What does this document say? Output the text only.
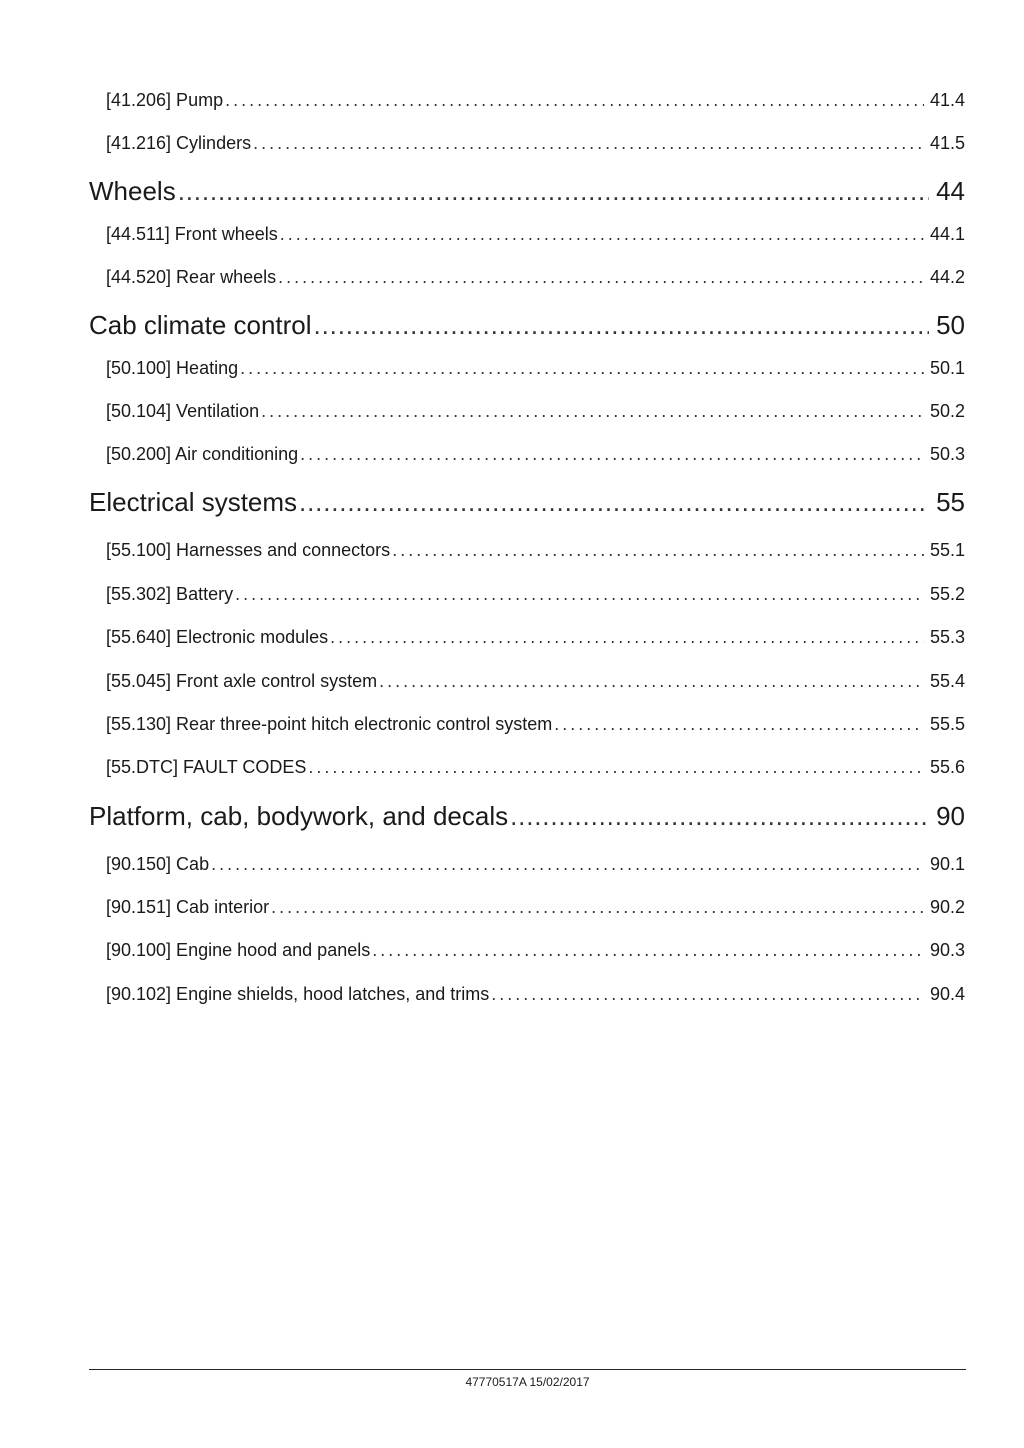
[41.206] Pump . . .	41.4
[41.216] Cylinders . . .	41.5
Wheels . . .	44
[44.511] Front wheels . . .	44.1
[44.520] Rear wheels . . .	44.2
Cab climate control . . .	50
[50.100] Heating . . .	50.1
[50.104] Ventilation . . .	50.2
[50.200] Air conditioning . . .	50.3
Electrical systems . . .	55
[55.100] Harnesses and connectors . . .	55.1
[55.302] Battery . . .	55.2
[55.640] Electronic modules . . .	55.3
[55.045] Front axle control system . . .	55.4
[55.130] Rear three-point hitch electronic control system . . .	55.5
[55.DTC] FAULT CODES . . .	55.6
Platform, cab, bodywork, and decals . . .	90
[90.150] Cab . . .	90.1
[90.151] Cab interior . . .	90.2
[90.100] Engine hood and panels . . .	90.3
[90.102] Engine shields, hood latches, and trims . . .	90.4
47770517A 15/02/2017
